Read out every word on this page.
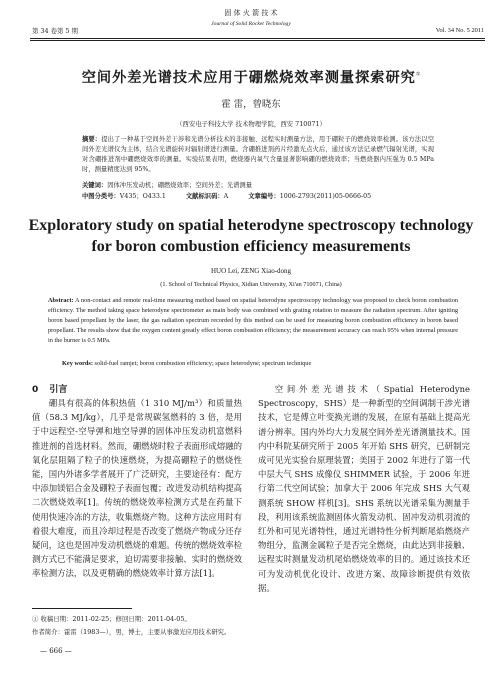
固 体 火 箭 技 术
Journal of Solid Rocket Technology
第 34 卷第 5 期	Vol. 34 No. 5 2011
空间外差光谱技术应用于硼燃烧效率测量探索研究①
霍 雷，曾晓东
（西安电子科技大学 技术物理学院，西安 710071）
摘要：提出了一种基于空间外差干涉和光谱分析技术的非接触、远程实时测量方法，用于硼粒子的燃烧效率检测。该方法以空间外差光谱仪为主体，结合光谱旋转对辐射谱进行测量。含硼推进剂药片经激光点火后，通过该方法记录燃气辐射光谱，实现对含硼推进剂中硼燃烧效率的测量。实验结果表明，燃烧器内氧气含量显著影响硼的燃烧效率；当燃烧器内压强为 0.5 MPa 时，测量精度达到 95%。
关键词：固体冲压发动机；硼燃烧效率；空间外差；光谱测量
中图分类号：V435；O433.1	文献标识码：A	文章编号：1006-2793(2011)05-0666-05
Exploratory study on spatial heterodyne spectroscopy technology
for boron combustion efficiency measurements
HUO Lei, ZENG Xiao-dong
(1. School of Technical Physics, Xidian University, Xi'an 710071, China)
Abstract: A non-contact and remote real-time measuring method based on spatial heterodyne spectroscopy technology was proposed to check boron combustion efficiency. The method taking space heterodyne spectrometer as main body was combined with grating rotation to measure the radiation spectrum. After igniting boron based propellant by the laser, the gas radiation spectrum recorded by this method can be used for measuring boron combustion efficiency in boron based propellant. The results show that the oxygen content greatly effect boron combustion efficiency; the measurement accuracy can reach 95% when internal pressure in the burner is 0.5 MPa.
Key words: solid-fuel ramjet; boron combustion efficiency; space heterodyne; spectrum technique
0 引言

硼具有很高的体积热值（1 310 MJ/m³）和质量热值（58.3 MJ/kg），几乎是常规碳氢燃料的 3 倍，是用于中远程空-空导弹和地空导弹的固体冲压发动机富燃料推进剂的首选材料。然而，硼燃烧时粒子表面形成熔融的氧化层阻隔了粒子的快速燃烧，为提高硼粒子的燃烧性能，国内外诸多学者展开了广泛研究，主要途径有：配方中添加镁铝合金及硼粒子表面包覆；改进发动机结构提高二次燃烧效率[1]。传统的燃烧效率检测方式是在药量下使用快速冷冻的方法，收集燃烧产物。这种方法应用时有着很大难度，而且冷却过程是否改变了燃烧产物成分还存疑问，这也是固冲发动机燃烧的难题。传统的燃烧效率检测方式已不能满足要求，迫切需要非接触、实时的燃烧效率检测方法，以及更精确的燃烧效率计算方法[1]。

空间外差光谱技术（Spatial Heterodyne Spectroscopy，SHS）是一种新型的空间调制干涉光谱技术，它是傅立叶变换光谱的发展，在原有基础上提高光谱分辨率。国内外均大力发展空间外差光谱测量技术。国内中科院某研究所于 2005 年开始 SHS 研究，已研制完成可见光实验台原理装置；美国于 2002 年进行了第一代中层大气 SHS 成像仪 SHIMMER 试验，于 2006 年进行第二代空间试验；加拿大于 2006 年完成 SHS 大气观测系统 SHOW 样机[3]。SHS 系统以光谱采集为测量手段，利用该系统监测固体火箭发动机、固冲发动机羽流的红外和可见光谱特性，通过光谱特性分析判断尾焰燃烧产物组分，监测金属粒子是否完全燃烧，由此达到非接触、远程实时测量发动机尾焰燃烧效率的目的。通过该技术还可为发动机优化设计、改进方案、故障诊断提供有效依据。

① 收稿日期：2011-02-25；修回日期：2011-04-05。
作者简介：霍雷（1983—），男，博士，主要从事激光应用技术研究。
— 666 —
